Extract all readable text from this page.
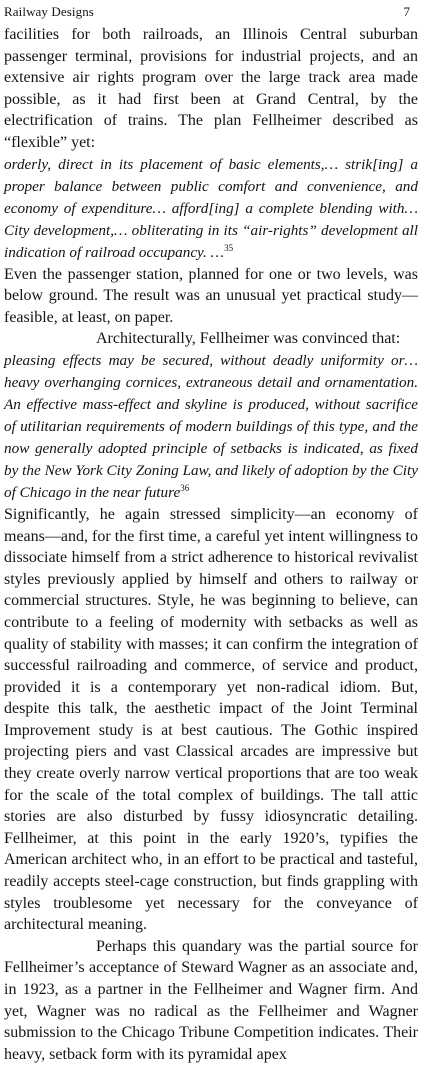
Railway Designs	7

facilities for both railroads, an Illinois Central suburban passenger terminal, provisions for industrial projects, and an extensive air rights program over the large track area made possible, as it had first been at Grand Central, by the electrification of trains. The plan Fellheimer described as “flexible” yet:

orderly, direct in its placement of basic elements,… strik[ing] a proper balance between public comfort and convenience, and economy of expenditure… afford[ing] a complete blending with… City development,… obliterating in its “air-rights” development all indication of railroad occupancy. …$^{35}$

Even the passenger station, planned for one or two levels, was below ground. The result was an unusual yet practical study—feasible, at least, on paper.

Architecturally, Fellheimer was convinced that:

pleasing effects may be secured, without deadly uniformity or… heavy overhanging cornices, extraneous detail and ornamentation. An effective mass-effect and skyline is produced, without sacrifice of utilitarian requirements of modern buildings of this type, and the now generally adopted principle of setbacks is indicated, as fixed by the New York City Zoning Law, and likely of adoption by the City of Chicago in the near future$^{36}$

Significantly, he again stressed simplicity—an economy of means—and, for the first time, a careful yet intent willingness to dissociate himself from a strict adherence to historical revivalist styles previously applied by himself and others to railway or commercial structures. Style, he was beginning to believe, can contribute to a feeling of modernity with setbacks as well as quality of stability with masses; it can confirm the integration of successful railroading and commerce, of service and product, provided it is a contemporary yet non-radical idiom. But, despite this talk, the aesthetic impact of the Joint Terminal Improvement study is at best cautious. The Gothic inspired projecting piers and vast Classical arcades are impressive but they create overly narrow vertical proportions that are too weak for the scale of the total complex of buildings. The tall attic stories are also disturbed by fussy idiosyncratic detailing. Fellheimer, at this point in the early 1920’s, typifies the American architect who, in an effort to be practical and tasteful, readily accepts steel-cage construction, but finds grappling with styles troublesome yet necessary for the conveyance of architectural meaning.

Perhaps this quandary was the partial source for Fellheimer’s acceptance of Steward Wagner as an associate and, in 1923, as a partner in the Fellheimer and Wagner firm. And yet, Wagner was no radical as the Fellheimer and Wagner submission to the Chicago Tribune Competition indicates. Their heavy, setback form with its pyramidal apex
